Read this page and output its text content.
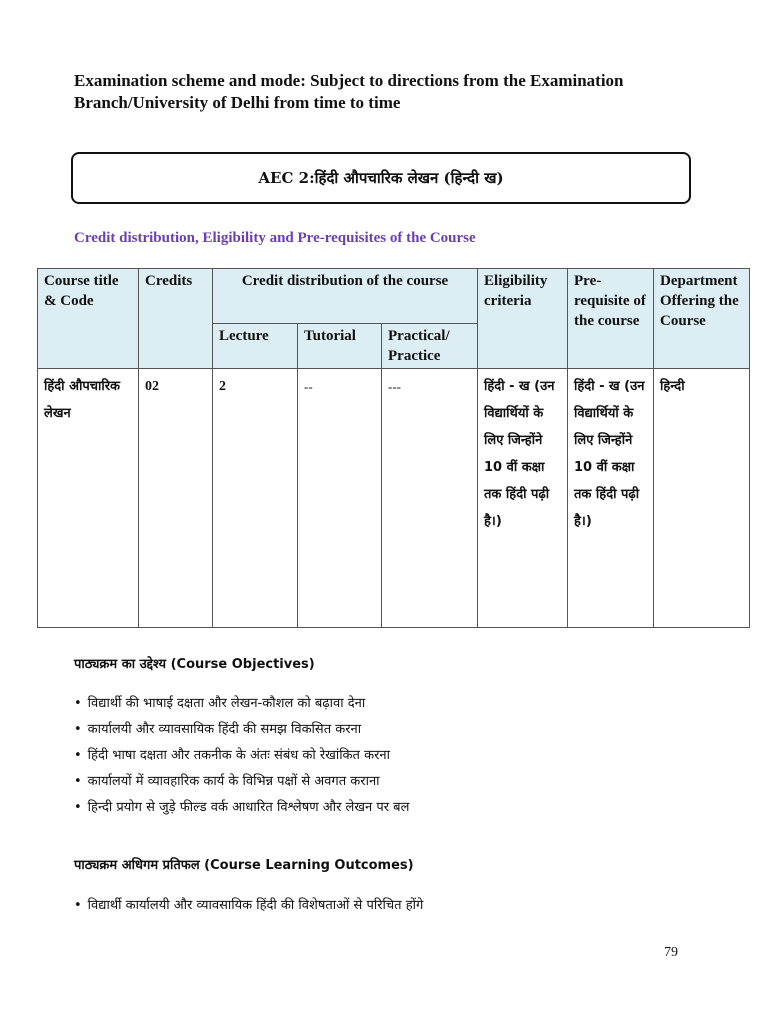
Examination scheme and mode: Subject to directions from the Examination
Branch/University of Delhi from time to time
AEC 2:हिंदी औपचारिक लेखन (हिन्दी ख)
Credit distribution, Eligibility and Pre-requisites of the Course
Course title & Code	Credits	Credit distribution of the course			Eligibility criteria	Pre-requisite of the course	Department Offering the Course
		Lecture	Tutorial	Practical/ Practice			
हिंदी औपचारिक लेखन	02	2	--	---	हिंदी - ख (उन विद्यार्थियों के लिए जिन्होंने 10 वीं कक्षा तक हिंदी पढ़ी है।)	हिंदी - ख (उन विद्यार्थियों के लिए जिन्होंने 10 वीं कक्षा तक हिंदी पढ़ी है।)	हिन्दी
पाठ्यक्रम का उद्देश्य (Course Objectives)
• विद्यार्थी की भाषाई दक्षता और लेखन-कौशल को बढ़ावा देना
• कार्यालयी और व्यावसायिक हिंदी की समझ विकसित करना
• हिंदी भाषा दक्षता और तकनीक के अंतः संबंध को रेखांकित करना
• कार्यालयों में व्यावहारिक कार्य के विभिन्न पक्षों से अवगत कराना
• हिन्दी प्रयोग से जुड़े फील्ड वर्क आधारित विश्लेषण और लेखन पर बल
पाठ्यक्रम अधिगम प्रतिफल (Course Learning Outcomes)
• विद्यार्थी कार्यालयी और व्यावसायिक हिंदी की विशेषताओं से परिचित होंगे
79
